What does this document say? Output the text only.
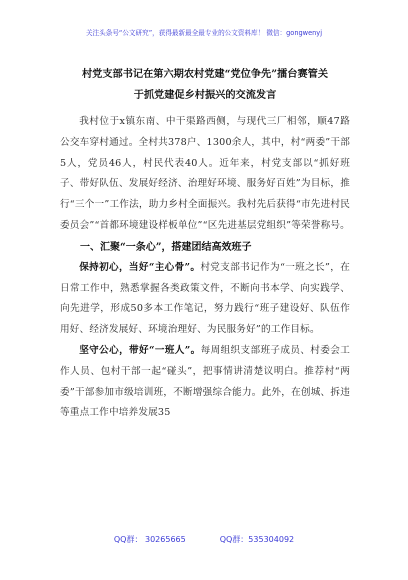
关注头条号“公文研究”，获得最新最全最专业的公文资料库！ 微信：gongwenyj

村党支部书记在第六期农村党建“党位争先”擂台赛管关

于抓党建促乡村振兴的交流发言

我村位于x镇东南、中干渠路西侧，与现代三厂相邻，顺47路公交车穿村通过。全村共378户、1300余人，其中，村“两委”干部5人，党员46人，村民代表40人。近年来，村党支部以“抓好班子、带好队伍、发展好经济、治理好环境、服务好百姓”为目标，推行“三个一”工作法，助力乡村全面振兴。我村先后获得“市先进村民委员会”“首都环境建设样板单位”“区先进基层党组织”等荣誉称号。

一、汇聚“一条心”，搭建团结高效班子

保持初心，当好“主心骨”。村党支部书记作为“一班之长”，在日常工作中，熟悉掌握各类政策文件，不断向书本学、向实践学、向先进学，形成50多本工作笔记，努力践行“班子建设好、队伍作用好、经济发展好、环境治理好、为民服务好”的工作目标。

坚守公心，带好“一班人”。每周组织支部班子成员、村委会工作人员、包村干部一起“碰头”，把事情讲清楚议明白。推荐村“两委”干部参加市级培训班，不断增强综合能力。此外，在创城、拆违等重点工作中培养发展35

QQ群： 30265665	QQ群：535304092
